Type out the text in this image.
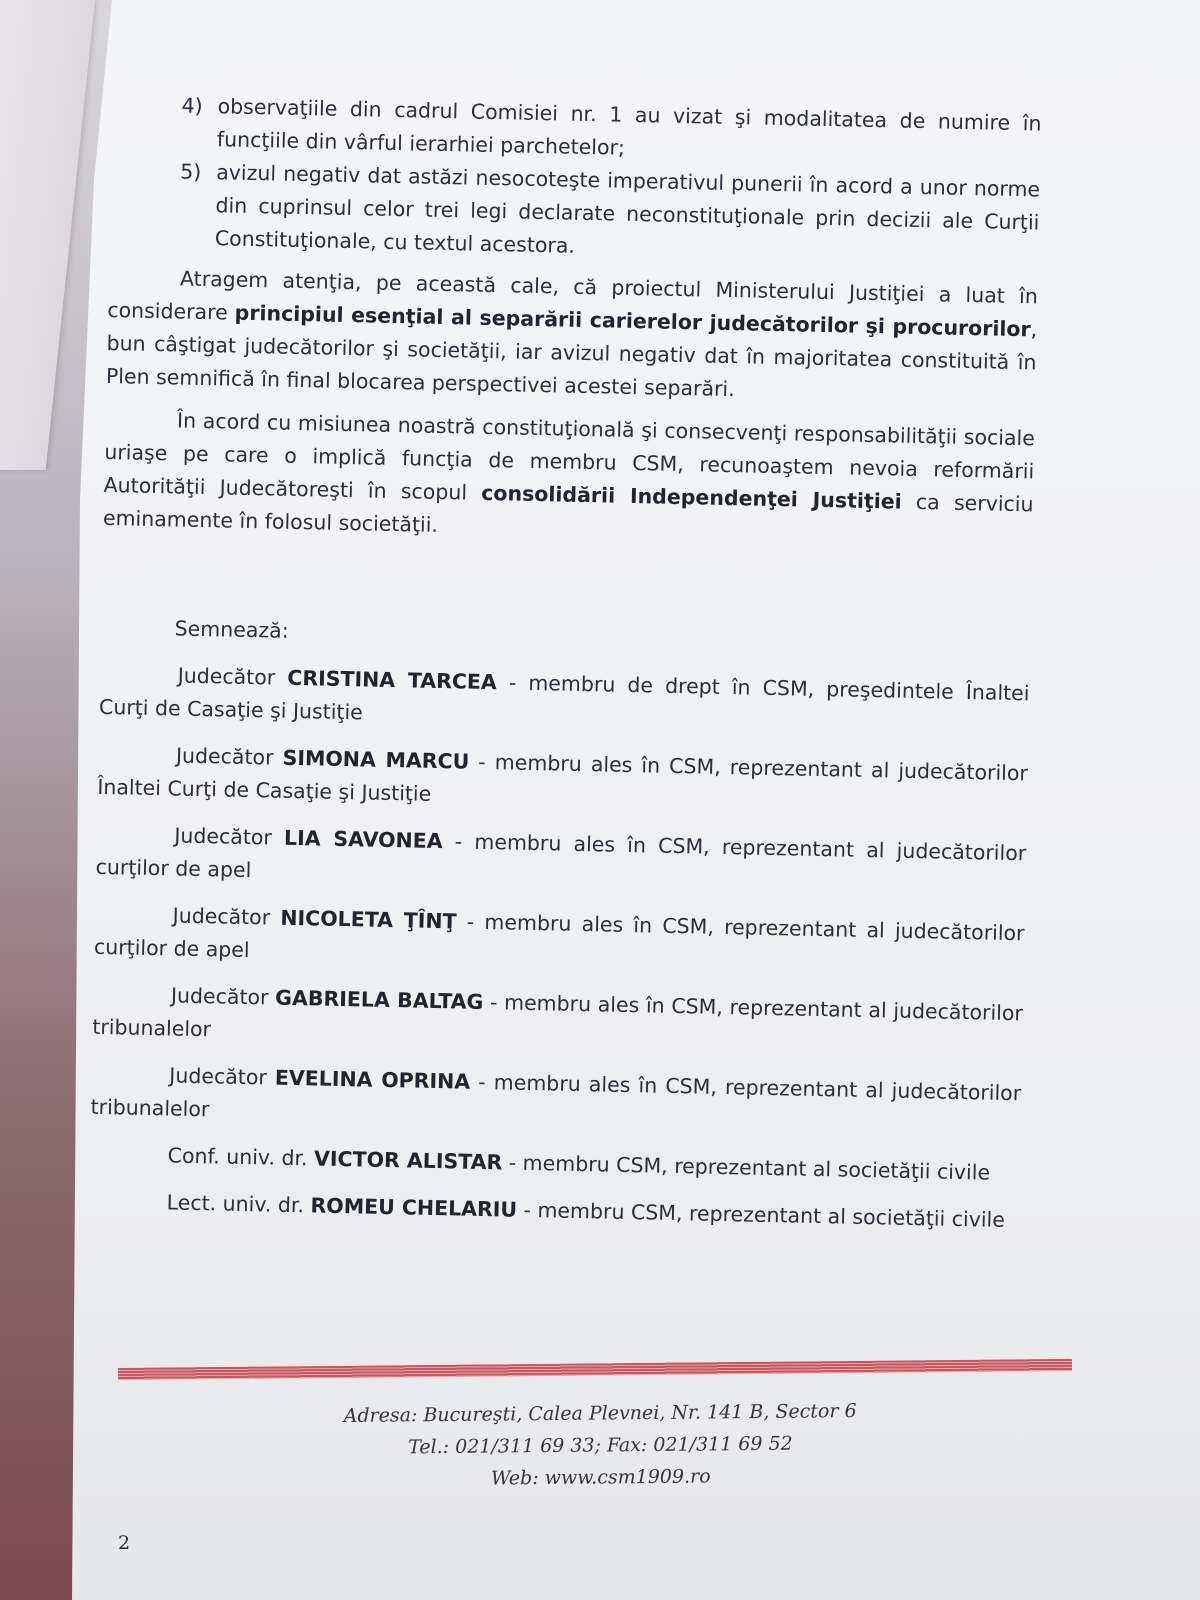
4) observaţiile din cadrul Comisiei nr. 1 au vizat şi modalitatea de numire în funcţiile din vârful ierarhiei parchetelor;

5) avizul negativ dat astăzi nesocoteşte imperativul punerii în acord a unor norme din cuprinsul celor trei legi declarate neconstituţionale prin decizii ale Curţii Constituţionale, cu textul acestora.

Atragem atenţia, pe această cale, că proiectul Ministerului Justiţiei a luat în considerare principiul esenţial al separării carierelor judecătorilor şi procurorilor, bun câştigat judecătorilor şi societăţii, iar avizul negativ dat în majoritatea constituită în Plen semnifică în final blocarea perspectivei acestei separări.

În acord cu misiunea noastră constituţională şi consecvenţi responsabilităţii sociale uriaşe pe care o implică funcţia de membru CSM, recunoaştem nevoia reformării Autorităţii Judecătoreşti în scopul consolidării Independenţei Justiţiei ca serviciu eminamente în folosul societăţii.

Semnează:

Judecător CRISTINA TARCEA - membru de drept în CSM, preşedintele Înaltei Curţi de Casaţie şi Justiţie

Judecător SIMONA MARCU - membru ales în CSM, reprezentant al judecătorilor Înaltei Curţi de Casaţie şi Justiţie

Judecător LIA SAVONEA - membru ales în CSM, reprezentant al judecătorilor curţilor de apel

Judecător NICOLETA ŢÎNŢ - membru ales în CSM, reprezentant al judecătorilor curţilor de apel

Judecător GABRIELA BALTAG - membru ales în CSM, reprezentant al judecătorilor tribunalelor

Judecător EVELINA OPRINA - membru ales în CSM, reprezentant al judecătorilor tribunalelor

Conf. univ. dr. VICTOR ALISTAR - membru CSM, reprezentant al societăţii civile

Lect. univ. dr. ROMEU CHELARIU - membru CSM, reprezentant al societăţii civile

Adresa: Bucureşti, Calea Plevnei, Nr. 141 B, Sector 6
Tel.: 021/311 69 33; Fax: 021/311 69 52
Web: www.csm1909.ro
2
